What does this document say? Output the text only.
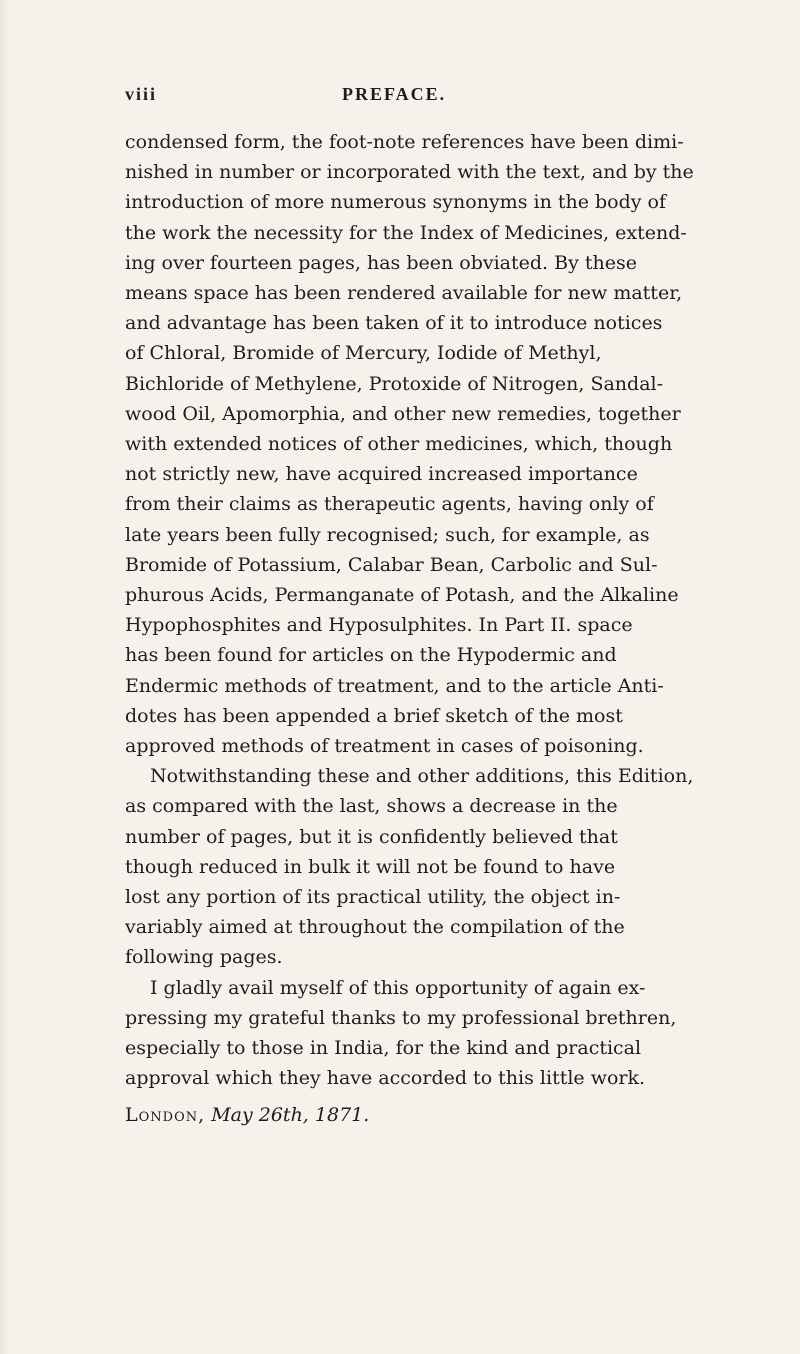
viii	PREFACE.
condensed form, the foot-note references have been dimi-
nished in number or incorporated with the text, and by the
introduction of more numerous synonyms in the body of
the work the necessity for the Index of Medicines, extend-
ing over fourteen pages, has been obviated. By these
means space has been rendered available for new matter,
and advantage has been taken of it to introduce notices
of Chloral, Bromide of Mercury, Iodide of Methyl,
Bichloride of Methylene, Protoxide of Nitrogen, Sandal-
wood Oil, Apomorphia, and other new remedies, together
with extended notices of other medicines, which, though
not strictly new, have acquired increased importance
from their claims as therapeutic agents, having only of
late years been fully recognised; such, for example, as
Bromide of Potassium, Calabar Bean, Carbolic and Sul-
phurous Acids, Permanganate of Potash, and the Alkaline
Hypophosphites and Hyposulphites. In Part II. space
has been found for articles on the Hypodermic and
Endermic methods of treatment, and to the article Anti-
dotes has been appended a brief sketch of the most
approved methods of treatment in cases of poisoning.
Notwithstanding these and other additions, this Edition,
as compared with the last, shows a decrease in the
number of pages, but it is confidently believed that
though reduced in bulk it will not be found to have
lost any portion of its practical utility, the object in-
variably aimed at throughout the compilation of the
following pages.
I gladly avail myself of this opportunity of again ex-
pressing my grateful thanks to my professional brethren,
especially to those in India, for the kind and practical
approval which they have accorded to this little work.
London, May 26th, 1871.
